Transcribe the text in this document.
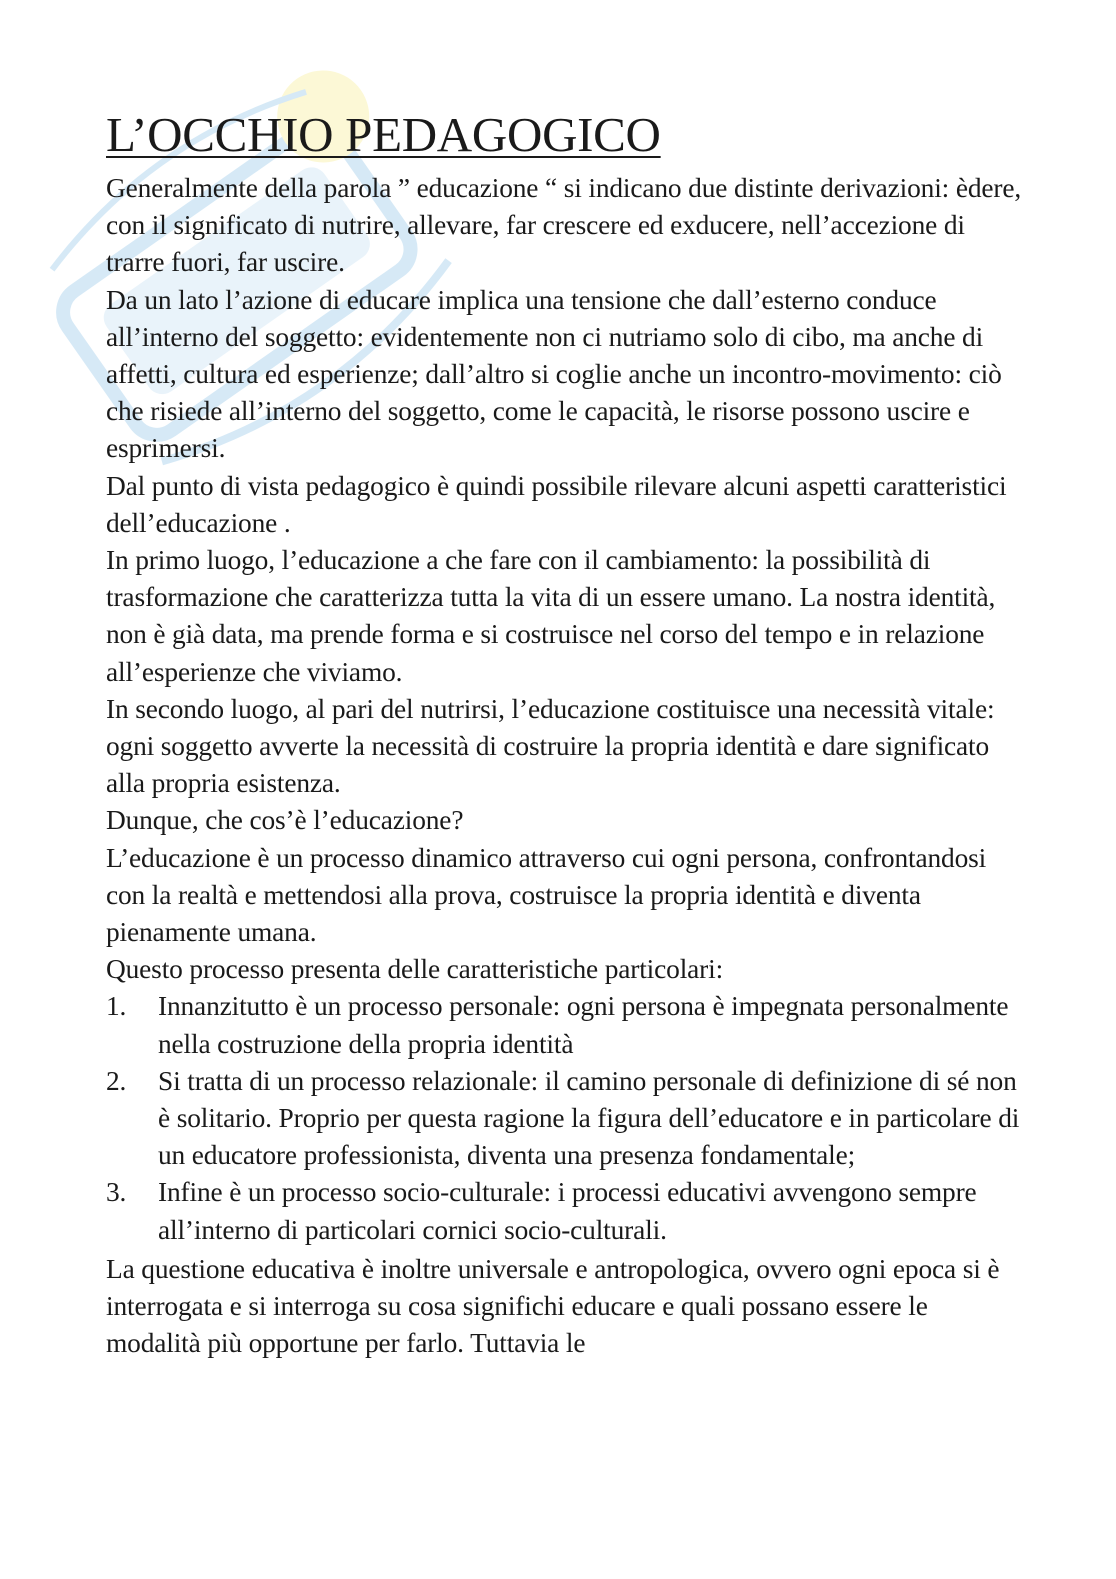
L’OCCHIO PEDAGOGICO

Generalmente della parola ” educazione “ si indicano due distinte derivazioni: èdere, con il significato di nutrire, allevare, far crescere ed exducere, nell’accezione di trarre fuori, far uscire.

Da un lato l’azione di educare implica una tensione che dall’esterno conduce all’interno del soggetto: evidentemente non ci nutriamo solo di cibo, ma anche di affetti, cultura ed esperienze; dall’altro si coglie anche un incontro-movimento: ciò che risiede all’interno del soggetto, come le capacità, le risorse possono uscire e esprimersi.

Dal punto di vista pedagogico è quindi possibile rilevare alcuni aspetti caratteristici dell’educazione .

In primo luogo, l’educazione a che fare con il cambiamento: la possibilità di trasformazione che caratterizza tutta la vita di un essere umano. La nostra identità, non è già data, ma prende forma e si costruisce nel corso del tempo e in relazione all’esperienze che viviamo.

In secondo luogo, al pari del nutrirsi, l’educazione costituisce una necessità vitale: ogni soggetto avverte la necessità di costruire la propria identità e dare significato alla propria esistenza.

Dunque, che cos’è l’educazione?

L’educazione è un processo dinamico attraverso cui ogni persona, confrontandosi con la realtà e mettendosi alla prova, costruisce la propria identità e diventa pienamente umana.

Questo processo presenta delle caratteristiche particolari:

1. Innanzitutto è un processo personale: ogni persona è impegnata personalmente nella costruzione della propria identità
2. Si tratta di un processo relazionale: il camino personale di definizione di sé non è solitario. Proprio per questa ragione la figura dell’educatore e in particolare di un educatore professionista, diventa una presenza fondamentale;
3. Infine è un processo socio-culturale: i processi educativi avvengono sempre all’interno di particolari cornici socio-culturali.

La questione educativa è inoltre universale e antropologica, ovvero ogni epoca si è interrogata e si interroga su cosa significhi educare e quali possano essere le modalità più opportune per farlo. Tuttavia le
